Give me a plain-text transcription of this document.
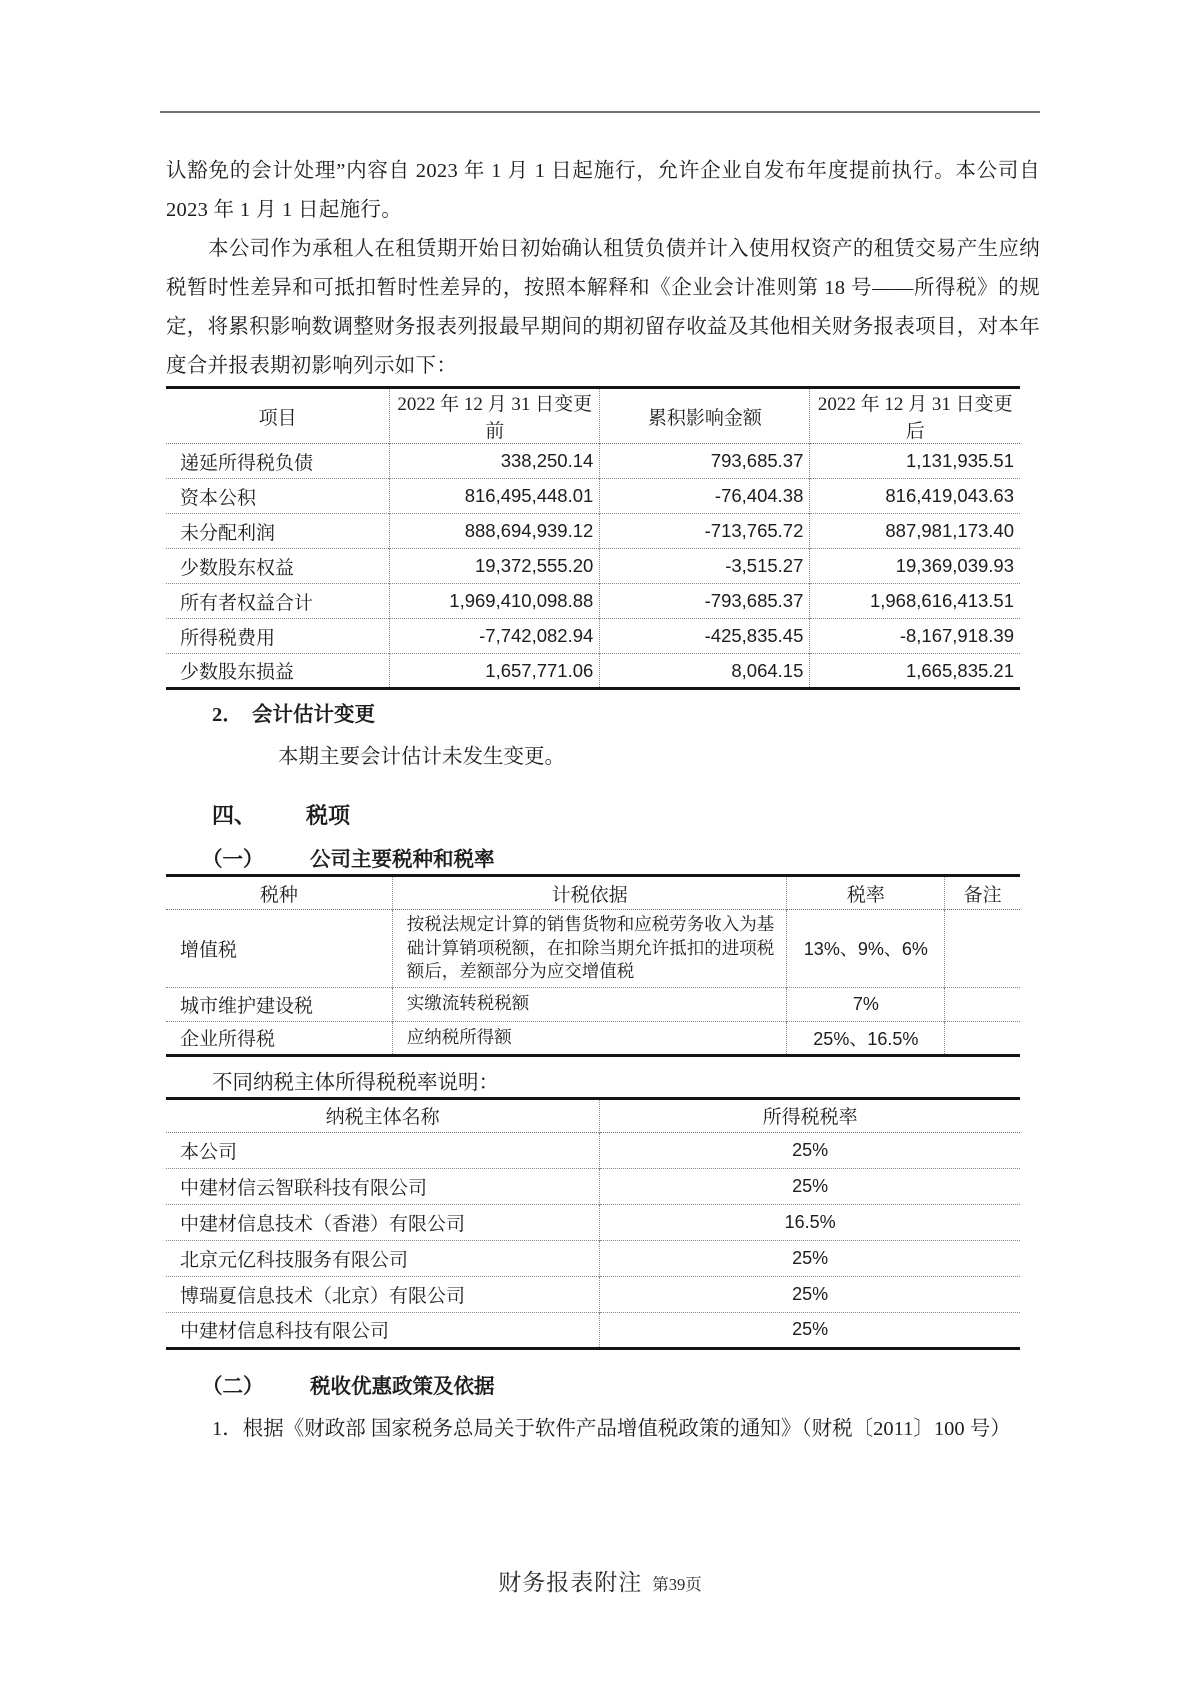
认豁免的会计处理”内容自 2023 年 1 月 1 日起施行，允许企业自发布年度提前执行。本公司自 2023 年 1 月 1 日起施行。

本公司作为承租人在租赁期开始日初始确认租赁负债并计入使用权资产的租赁交易产生应纳税暂时性差异和可抵扣暂时性差异的，按照本解释和《企业会计准则第 18 号——所得税》的规定，将累积影响数调整财务报表列报最早期间的期初留存收益及其他相关财务报表项目，对本年度合并报表期初影响列示如下：

项目	2022 年 12 月 31 日变更前	累积影响金额	2022 年 12 月 31 日变更后
递延所得税负债	338,250.14	793,685.37	1,131,935.51
资本公积	816,495,448.01	-76,404.38	816,419,043.63
未分配利润	888,694,939.12	-713,765.72	887,981,173.40
少数股东权益	19,372,555.20	-3,515.27	19,369,039.93
所有者权益合计	1,969,410,098.88	-793,685.37	1,968,616,413.51
所得税费用	-7,742,082.94	-425,835.45	-8,167,918.39
少数股东损益	1,657,771.06	8,064.15	1,665,835.21
2． 会计估计变更
本期主要会计估计未发生变更。
四、 税项
（一） 公司主要税种和税率
税种	计税依据	税率	备注
增值税	按税法规定计算的销售货物和应税劳务收入为基础计算销项税额，在扣除当期允许抵扣的进项税额后，差额部分为应交增值税	13%、9%、6%	
城市维护建设税	实缴流转税税额	7%	
企业所得税	应纳税所得额	25%、16.5%	
不同纳税主体所得税税率说明：
纳税主体名称	所得税税率
本公司	25%
中建材信云智联科技有限公司	25%
中建材信息技术（香港）有限公司	16.5%
北京元亿科技服务有限公司	25%
博瑞夏信息技术（北京）有限公司	25%
中建材信息科技有限公司	25%
（二） 税收优惠政策及依据
1．根据《财政部 国家税务总局关于软件产品增值税政策的通知》（财税〔2011〕100 号）
财务报表附注 第39页
